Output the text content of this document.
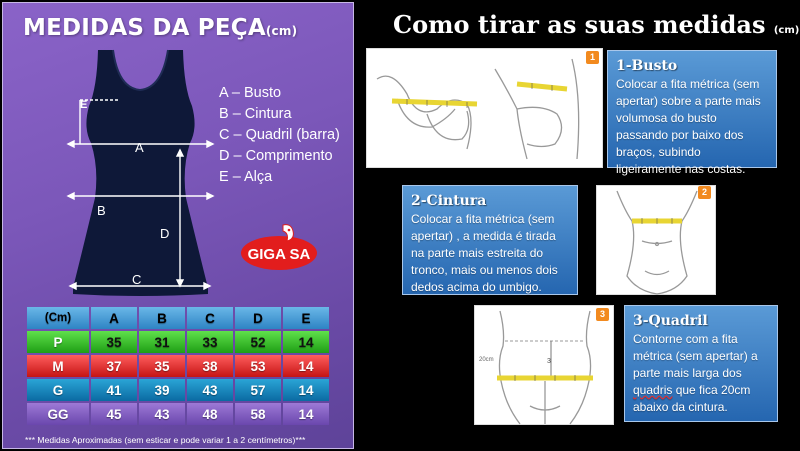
MEDIDAS DA PEÇA(cm)
E
A
B
D
C
A – Busto
B – Cintura
C – Quadril (barra)
D – Comprimento
E – Alça
GIGA SA
(Cm)	A	B	C	D	E
P	35	31	33	52	14
M	37	35	38	53	14
G	41	39	43	57	14
GG	45	43	48	58	14
*** Medidas Aproximadas (sem esticar e pode variar 1 a 2 centímetros)***
Como tirar as suas medidas (cm)
1
1-Busto
Colocar a fita métrica (sem apertar) sobre a parte mais volumosa do busto passando por baixo dos braços, subindo ligeiramente nas costas.
2-Cintura
Colocar a fita métrica (sem apertar) , a medida é tirada na parte mais estreita do tronco, mais ou menos dois dedos acima do umbigo.
2
3
20cm
3 3-Quadril
Contorne com a fita métrica (sem apertar) a parte mais larga dos quadris que fica 20cm abaixo da cintura.
